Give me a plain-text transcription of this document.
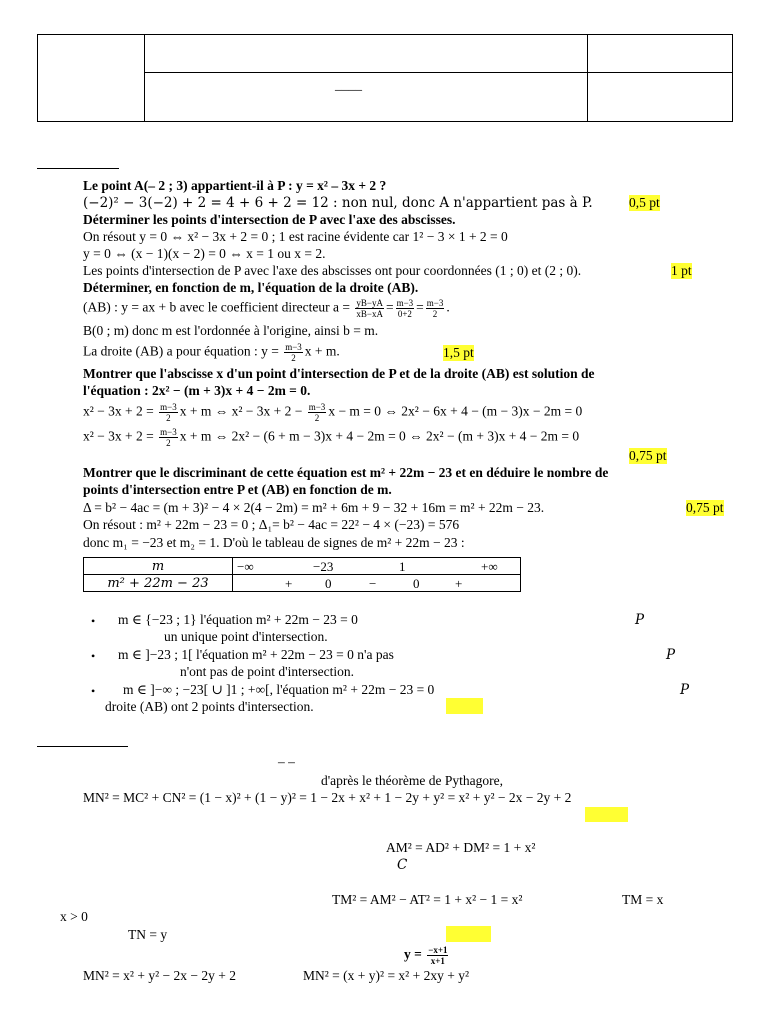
	____	

Le point A(– 2 ; 3) appartient-il à P : y = x² – 3x + 2 ?
(−2)² − 3(−2) + 2 = 4 + 6 + 2 = 12 : non nul, donc A n'appartient pas à P.	0,5 pt
Déterminer les points d'intersection de P avec l'axe des abscisses.
On résout y = 0 ⇔ x² − 3x + 2 = 0 ; 1 est racine évidente car 1² − 3 × 1 + 2 = 0
y = 0 ⇔ (x − 1)(x − 2) = 0 ⇔ x = 1 ou x = 2.
Les points d'intersection de P avec l'axe des abscisses ont pour coordonnées (1 ; 0) et (2 ; 0).	1 pt
Déterminer, en fonction de m, l'équation de la droite (AB).
(AB) : y = ax + b avec le coefficient directeur $a = \frac{yB-yA}{xB-xA} = \frac{m-3}{0+2} = \frac{m-3}{2}$ .
B(0 ; m) donc m est l'ordonnée à l'origine, ainsi b = m.
La droite (AB) a pour équation : $y = \frac{m-3}{2}$ x + m.	1,5 pt
Montrer que l'abscisse x d'un point d'intersection de P et de la droite (AB) est solution de
l'équation : 2x² − (m + 3)x + 4 − 2m = 0.
$x^2 - 3x + 2 = \frac{m-3}{2}$ x + m ⇔ $x^2 - 3x + 2 - \frac{m-3}{2}$ x − m = 0 ⇔ 2x² − 6x + 4 − (m − 3)x − 2m = 0
$x^2 - 3x + 2 = \frac{m-3}{2}$ x + m ⇔ 2x² − (6 + m − 3)x + 4 − 2m = 0 ⇔ 2x² − (m + 3)x + 4 − 2m = 0
0,75 pt
Montrer que le discriminant de cette équation est m² + 22m − 23 et en déduire le nombre de
points d'intersection entre P et (AB) en fonction de m.
Δ = b² − 4ac = (m + 3)² − 4 × 2(4 − 2m) = m² + 6m + 9 − 32 + 16m = m² + 22m − 23.	0,75 pt
On résout : m² + 22m − 23 = 0 ; Δ₁= b² − 4ac = 22² − 4 × (−23) = 576
donc m₁ = −23 et m₂ = 1. D'où le tableau de signes de m² + 22m − 23 :
m	−∞ −23 1 +∞

m² + 22m − 23	+ 0 − 0 +
• m ∈ {−23 ; 1} l'équation m² + 22m − 23 = 0	P
un unique point d'intersection.
• m ∈ ]−23 ; 1[ l'équation m² + 22m − 23 = 0 n'a pas	P
n'ont pas de point d'intersection.
• m ∈ ]−∞ ; −23[ ∪ ]1 ; +∞[, l'équation m² + 22m − 23 = 0	P
droite (AB) ont 2 points d'intersection.
– –
d'après le théorème de Pythagore,
MN² = MC² + CN² = (1 − x)² + (1 − y)² = 1 − 2x + x² + 1 − 2y + y² = x² + y² − 2x − 2y + 2
AM² = AD² + DM² = 1 + x²
C
TM² = AM² − AT² = 1 + x² − 1 = x²	TM = x
x > 0
TN = y
$y = \frac{-x+1}{x+1}$
MN² = x² + y² − 2x − 2y + 2	MN² = (x + y)² = x² + 2xy + y²
